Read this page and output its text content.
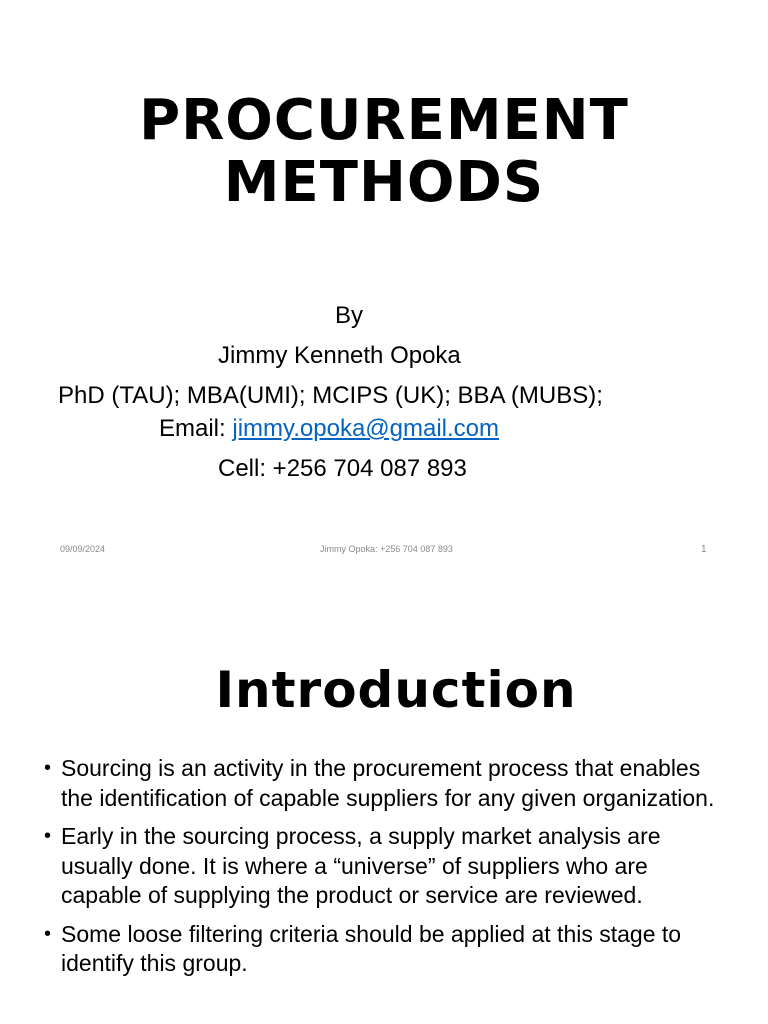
PROCUREMENT
METHODS
By
Jimmy Kenneth Opoka
PhD (TAU); MBA(UMI); MCIPS (UK); BBA (MUBS);
Email: jimmy.opoka@gmail.com
Cell: +256 704 087 893
09/09/2024	Jimmy Opoka: +256 704 087 893	1
Introduction
• Sourcing is an activity in the procurement process that enables the identification of capable suppliers for any given organization.
• Early in the sourcing process, a supply market analysis are usually done. It is where a “universe” of suppliers who are capable of supplying the product or service are reviewed.
• Some loose filtering criteria should be applied at this stage to identify this group.
